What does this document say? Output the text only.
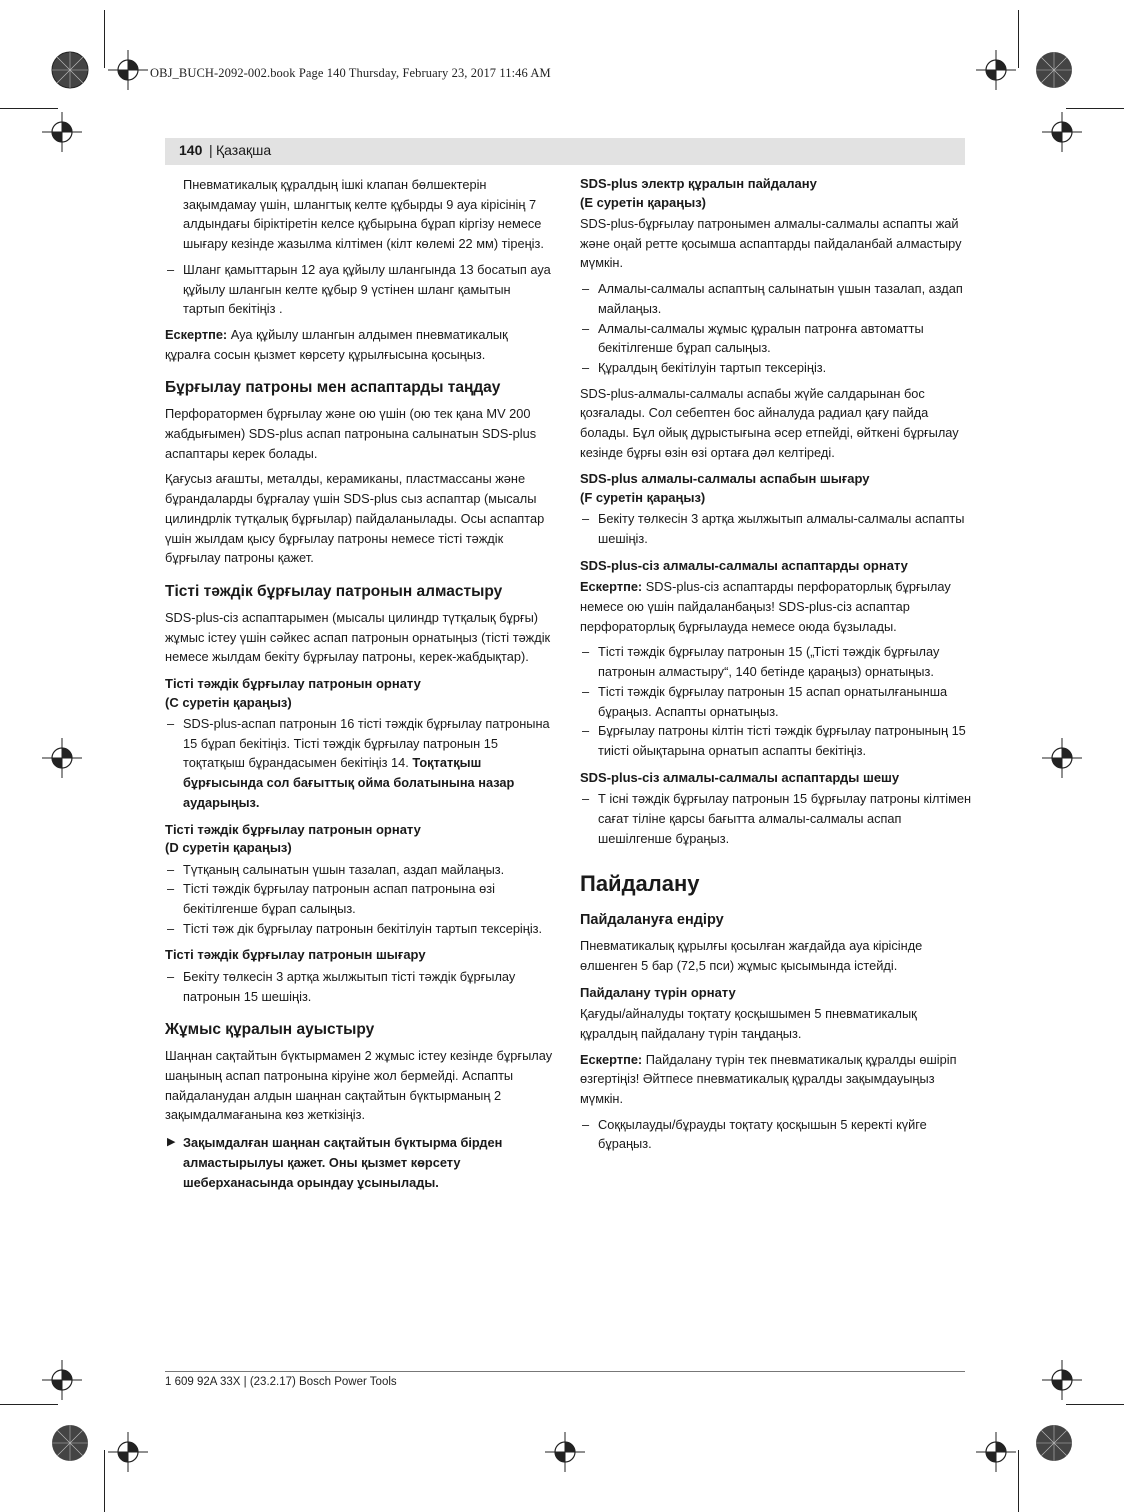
OBJ_BUCH-2092-002.book Page 140 Thursday, February 23, 2017 11:46 AM
140 | Қазақша

Пневматикалық құралдың ішкі клапан бөлшектерін зақымдамау үшін, шлангтық келте құбырды 9 ауа кірісінің 7 алдындағы біріктіретін келсе құбырына бұрап кіргізу немесе шығару кезінде жазылма кілтімен (кілт көлемі 22 мм) тіреңіз.

– Шланг қамыттарын 12 ауа құйылу шлангында 13 босатып ауа құйылу шлангын келте құбыр 9 үстінен шланг қамытын тартып бекітіңіз .

Ескертпе: Ауа құйылу шлангын алдымен пневматикалық құралға сосын қызмет көрсету құрылғысына қосыңыз.

Бұрғылау патроны мен аспаптарды таңдау

Перфоратормен бұрғылау және ою үшін (ою тек қана MV 200 жабдығымен) SDS-plus аспап патронына салынатын SDS-plus аспаптары керек болады.

Қағусыз ағашты, металды, керамиканы, пластмассаны және бұрандаларды бұрғалау үшін SDS-plus сыз аспаптар (мысалы цилиндрлік түтқалық бұрғылар) пайдаланылады. Осы аспаптар үшін жылдам қысу бұрғылау патроны немесе тісті тәждік бұрғылау патроны қажет.

Тісті тәждік бұрғылау патронын алмастыру

SDS-plus-сіз аспаптарымен (мысалы цилиндр түтқалық бұрғы) жұмыс істеу үшін сәйкес аспап патронын орнатыңыз (тісті тәждік немесе жылдам бекіту бұрғылау патроны, керек-жабдықтар).

Тісті тәждік бұрғылау патронын орнату
(С суретін қараңыз)
– SDS-plus-аспап патронын 16 тісті тәждік бұрғылау патронына 15 бұрап бекітіңіз. Тісті тәждік бұрғылау патронын 15 тоқтатқыш бұрандасымен бекітіңіз 14. Тоқтатқыш бұрғысында сол бағыттық ойма болатынына назар аударыңыз.
Тісті тәждік бұрғылау патронын орнату
(D суретін қараңыз)
– Түтқаның салынатын үшын тазалап, аздап майлаңыз.
– Тісті тәждік бұрғылау патронын аспап патронына өзі бекітілгенше бұрап салыңыз.
– Тісті тәж дік бұрғылау патронын бекітілуін тартып тексеріңіз.
Тісті тәждік бұрғылау патронын шығару
– Бекіту төлкесін 3 артқа жылжытып тісті тәждік бұрғылау патронын 15 шешіңіз.
Жұмыс құралын ауыстыру

Шаңнан сақтайтын бүктырмамен 2 жұмыс істеу кезінде бұрғылау шаңының аспап патронына кіруіне жол бермейді. Аспапты пайдаланудан алдын шаңнан сақтайтын бүктырманың 2 зақымдалмағанына көз жеткізіңіз.

▶ Зақымдалған шаңнан сақтайтын бүктырма бірден алмастырылуы қажет. Оны қызмет көрсету шеберханасында орындау ұсынылады.
SDS-plus электр құралын пайдалану
(E суретін қараңыз)

SDS-plus-бұрғылау патронымен алмалы-салмалы аспапты жай және оңай ретте қосымша аспаптарды пайдаланбай алмастыру мүмкін.

– Алмалы-салмалы аспаптың салынатын үшын тазалап, аздап майлаңыз.
– Алмалы-салмалы жұмыс құралын патронға автоматты бекітілгенше бұрап салыңыз.
– Құралдың бекітілуін тартып тексеріңіз.

SDS-plus-алмалы-салмалы аспабы жүйе салдарынан бос қозғалады. Сол себептен бос айналуда радиал қағу пайда болады. Бұл ойық дұрыстығына әсер етпейді, өйткені бұрғылау кезінде бұрғы өзін өзі ортаға дәл келтіреді.

SDS-plus алмалы-салмалы аспабын шығару
(F суретін қараңыз)
– Бекіту төлкесін 3 артқа жылжытып алмалы-салмалы аспапты шешіңіз.
SDS-plus-сіз алмалы-салмалы аспаптарды орнату

Ескертпе: SDS-plus-сіз аспаптарды перфораторлық бұрғылау немесе ою үшін пайдаланбаңыз! SDS-plus-сіз аспаптар перфораторлық бұрғылауда немесе оюда бұзылады.

– Тісті тәждік бұрғылау патронын 15 („Тісті тәждік бұрғылау патронын алмастыру“, 140 бетінде қараңыз) орнатыңыз.
– Тісті тәждік бұрғылау патронын 15 аспап орнатылғанынша бұраңыз. Аспапты орнатыңыз.
– Бұрғылау патроны кілтін тісті тәждік бұрғылау патронының 15 тиісті ойықтарына орнатып аспапты бекітіңіз.
SDS-plus-сіз алмалы-салмалы аспаптарды шешу
– Т існі тәждік бұрғылау патронын 15 бұрғылау патроны кілтімен сағат тіліне қарсы бағытта алмалы-салмалы аспап шешілгенше бұраңыз.
Пайдалану
Пайдалануға ендіру

Пневматикалық құрылғы қосылған жағдайда ауа кірісінде өлшенген 5 бар (72,5 пси) жұмыс қысымында істейді.

Пайдалану түрін орнату

Қағуды/айналуды тоқтату қосқышымен 5 пневматикалық құралдың пайдалану түрін таңдаңыз.

Ескертпе: Пайдалану түрін тек пневматикалық құралды өшіріп өзгертіңіз! Әйтпесе пневматикалық құралды зақымдауыңыз мүмкін.

– Соққылауды/бұрауды тоқтату қосқышын 5 керекті күйге бұраңыз.
1 609 92A 33X | (23.2.17) Bosch Power Tools
